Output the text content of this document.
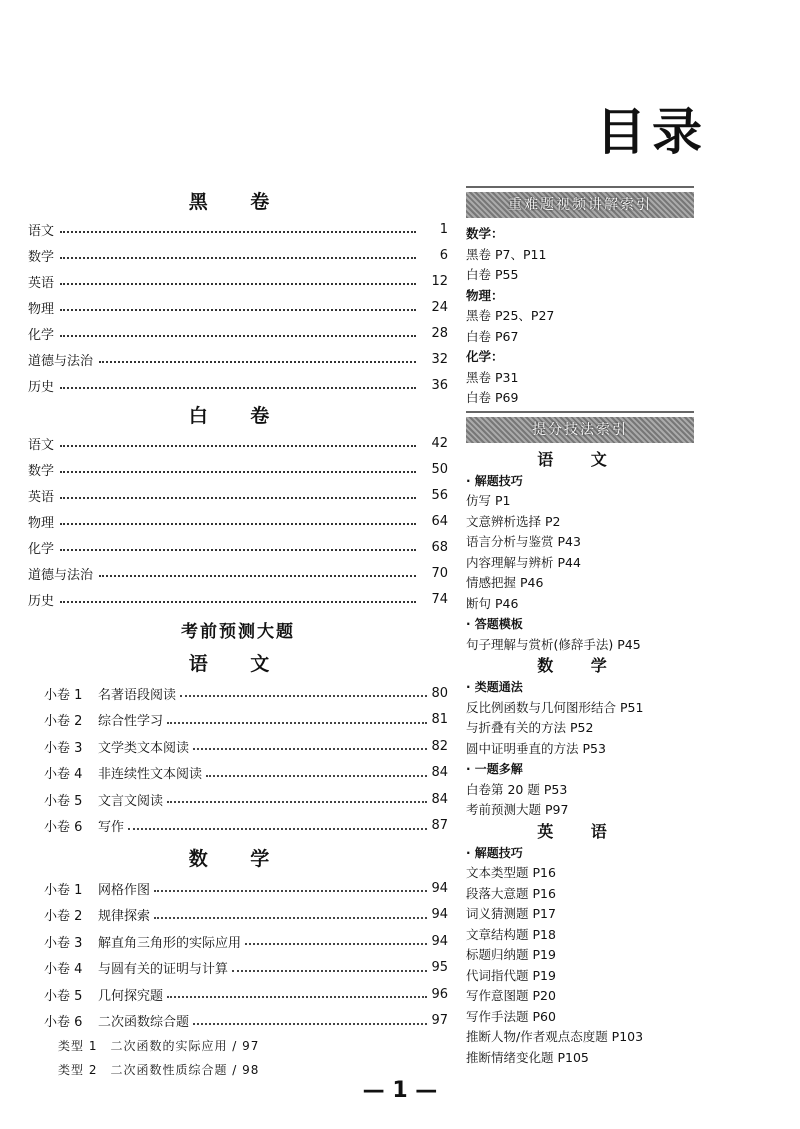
目录
黑 卷
语文	1
数学	6
英语	12
物理	24
化学	28
道德与法治	32
历史	36
白 卷
语文	42
数学	50
英语	56
物理	64
化学	68
道德与法治	70
历史	74
考前预测大题
语 文
小卷 1	名著语段阅读	80
小卷 2	综合性学习	81
小卷 3	文学类文本阅读	82
小卷 4	非连续性文本阅读	84
小卷 5	文言文阅读	84
小卷 6	写作	87
数 学
小卷 1	网格作图	94
小卷 2	规律探索	94
小卷 3	解直角三角形的实际应用	94
小卷 4	与圆有关的证明与计算	95
小卷 5	几何探究题	96
小卷 6	二次函数综合题	97
类型 1　二次函数的实际应用 / 97
类型 2　二次函数性质综合题 / 98
重难题视频讲解索引
数学：
黑卷 P7、P11
白卷 P55
物理：
黑卷 P25、P27
白卷 P67
化学：
黑卷 P31
白卷 P69
提分技法索引
语 文
· 解题技巧
仿写 P1
文意辨析选择 P2
语言分析与鉴赏 P43
内容理解与辨析 P44
情感把握 P46
断句 P46
· 答题模板
句子理解与赏析(修辞手法) P45
数 学
· 类题通法
反比例函数与几何图形结合 P51
与折叠有关的方法 P52
圆中证明垂直的方法 P53
· 一题多解
白卷第 20 题 P53
考前预测大题 P97
英 语
· 解题技巧
文本类型题 P16
段落大意题 P16
词义猜测题 P17
文章结构题 P18
标题归纳题 P19
代词指代题 P19
写作意图题 P20
写作手法题 P60
推断人物/作者观点态度题 P103
推断情绪变化题 P105
— 1 —
